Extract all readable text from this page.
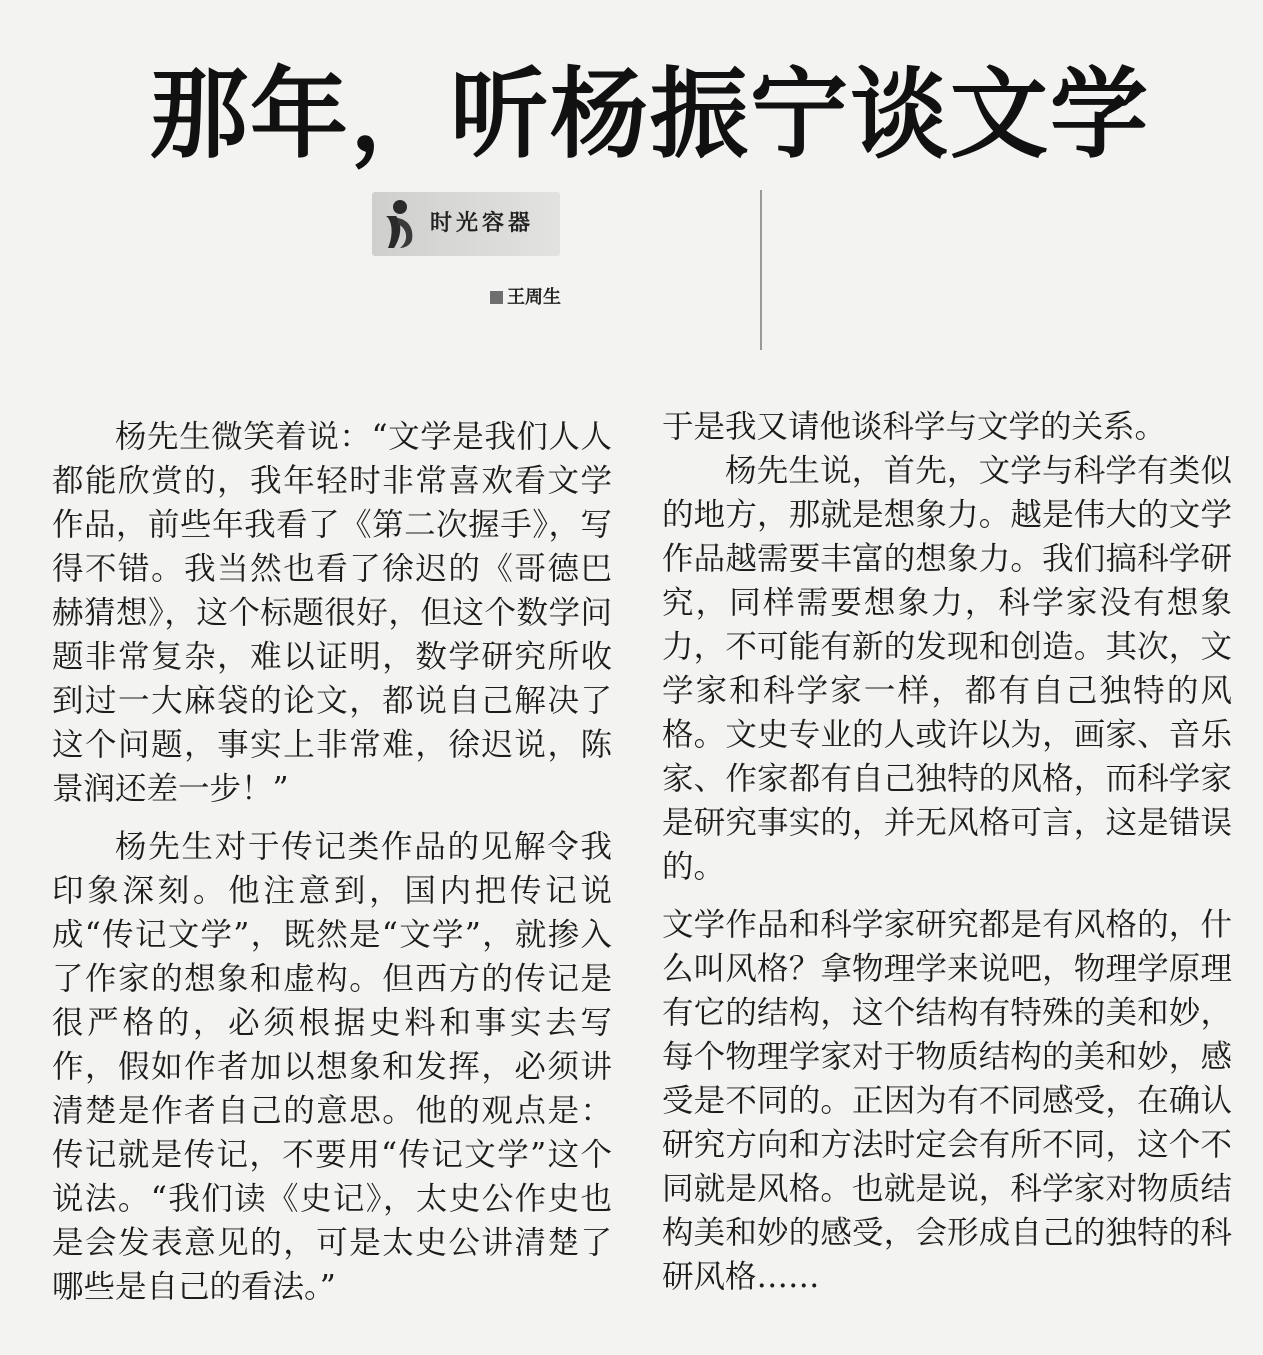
那年，听杨振宁谈文学
时光容器
王周生

杨先生微笑着说：“文学是我们人人都能欣赏的，我年轻时非常喜欢看文学作品，前些年我看了《第二次握手》，写得不错。我当然也看了徐迟的《哥德巴赫猜想》，这个标题很好，但这个数学问题非常复杂，难以证明，数学研究所收到过一大麻袋的论文，都说自己解决了这个问题，事实上非常难，徐迟说，陈景润还差一步！”

杨先生对于传记类作品的见解令我印象深刻。他注意到，国内把传记说成“传记文学”，既然是“文学”，就掺入了作家的想象和虚构。但西方的传记是很严格的，必须根据史料和事实去写作，假如作者加以想象和发挥，必须讲清楚是作者自己的意思。他的观点是：传记就是传记，不要用“传记文学”这个说法。“我们读《史记》，太史公作史也是会发表意见的，可是太史公讲清楚了哪些是自己的看法。”

于是我又请他谈科学与文学的关系。

杨先生说，首先，文学与科学有类似的地方，那就是想象力。越是伟大的文学作品越需要丰富的想象力。我们搞科学研究，同样需要想象力，科学家没有想象力，不可能有新的发现和创造。其次，文学家和科学家一样，都有自己独特的风格。文史专业的人或许以为，画家、音乐家、作家都有自己独特的风格，而科学家是研究事实的，并无风格可言，这是错误的。

文学作品和科学家研究都是有风格的，什么叫风格？拿物理学来说吧，物理学原理有它的结构，这个结构有特殊的美和妙，每个物理学家对于物质结构的美和妙，感受是不同的。正因为有不同感受，在确认研究方向和方法时定会有所不同，这个不同就是风格。也就是说，科学家对物质结构美和妙的感受，会形成自己的独特的科研风格……
